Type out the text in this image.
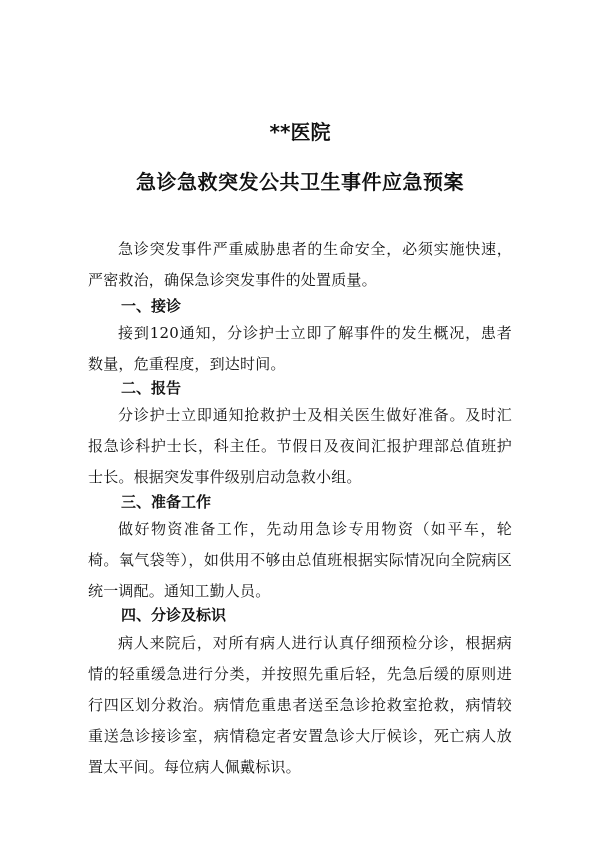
**医院
急诊急救突发公共卫生事件应急预案
急诊突发事件严重威胁患者的生命安全，必须实施快速，严密救治，确保急诊突发事件的处置质量。
一、接诊
接到120通知，分诊护士立即了解事件的发生概况，患者数量，危重程度，到达时间。
二、报告
分诊护士立即通知抢救护士及相关医生做好准备。及时汇报急诊科护士长，科主任。节假日及夜间汇报护理部总值班护士长。根据突发事件级别启动急救小组。
三、准备工作
做好物资准备工作，先动用急诊专用物资（如平车，轮椅。氧气袋等），如供用不够由总值班根据实际情况向全院病区统一调配。通知工勤人员。
四、分诊及标识
病人来院后，对所有病人进行认真仔细预检分诊，根据病情的轻重缓急进行分类，并按照先重后轻，先急后缓的原则进行四区划分救治。病情危重患者送至急诊抢救室抢救，病情较重送急诊接诊室，病情稳定者安置急诊大厅候诊，死亡病人放置太平间。每位病人佩戴标识。
